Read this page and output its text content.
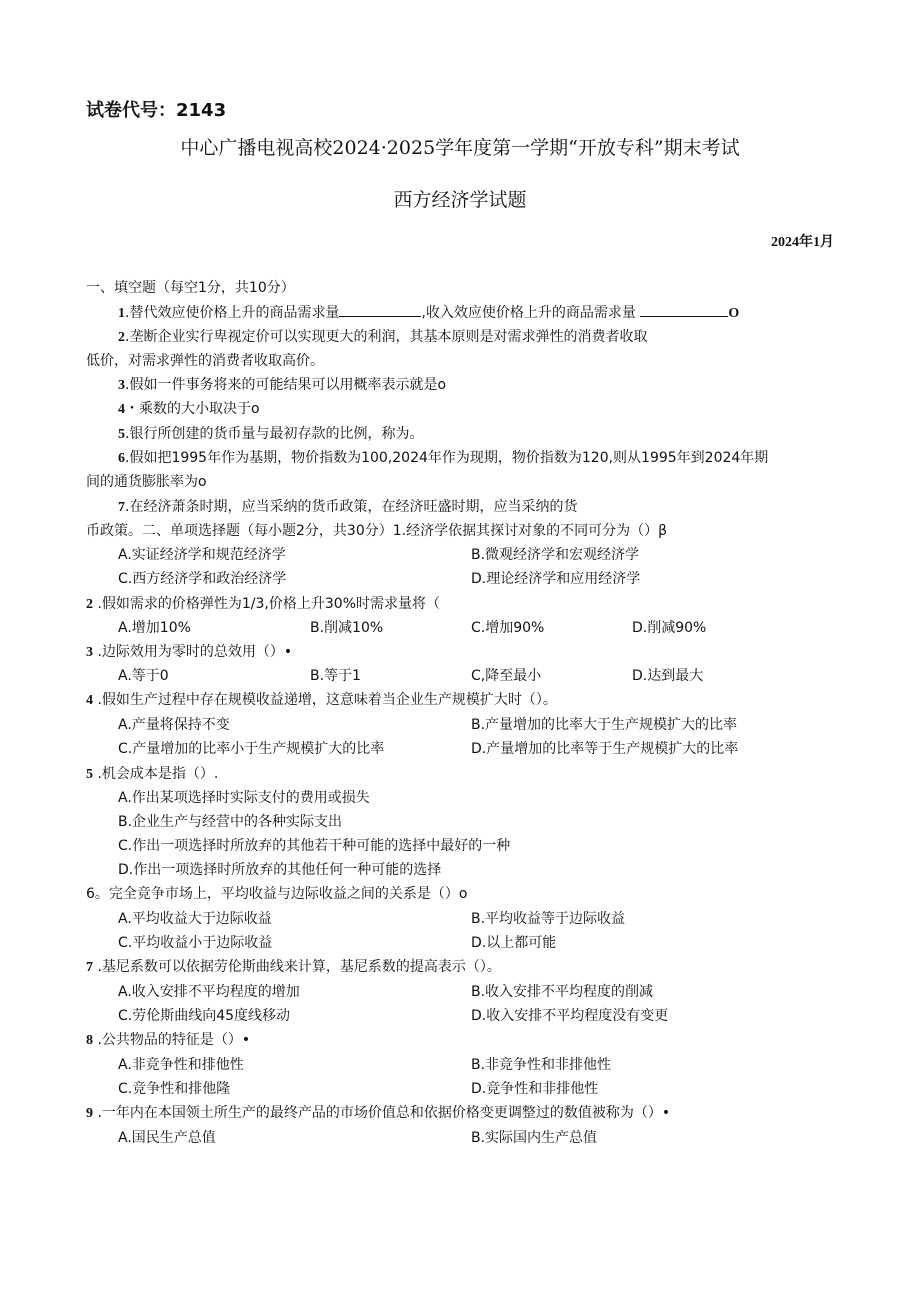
试卷代号：2143
中心广播电视高校2024·2025学年度第一学期“开放专科”期末考试
西方经济学试题
2024年1月
一、填空题（每空1分，共10分）
1.替代效应使价格上升的商品需求量	,收入效应使价格上升的商品需求量	O
2.垄断企业实行卑视定价可以实现更大的利润，其基本原则是对需求弹性的消费者收取
低价，对需求弹性的消费者收取高价。
3.假如一件事务将来的可能结果可以用概率表示就是o
4・乘数的大小取决于o
5.银行所创建的货币量与最初存款的比例，称为。
6.假如把1995年作为基期，物价指数为100,2024年作为现期，物价指数为120,则从1995年到2024年期
间的通货膨胀率为o
7.在经济萧条时期，应当采纳的货币政策，在经济旺盛时期，应当采纳的货
币政策。二、单项选择题（每小题2分，共30分）1.经济学依据其探讨对象的不同可分为（）β
A.实证经济学和规范经济学	B.微观经济学和宏观经济学
C.西方经济学和政治经济学	D.理论经济学和应用经济学
2 .假如需求的价格弹性为1/3,价格上升30%时需求量将（
A.增加10%	B.削减10%	C.增加90%	D.削减90%
3 .边际效用为零时的总效用（）•
A.等于0	B.等于1	C,降至最小	D.达到最大
4 .假如生产过程中存在规模收益递增，这意味着当企业生产规模扩大时（）。
A.产量将保持不变	B.产量增加的比率大于生产规模扩大的比率
C.产量增加的比率小于生产规模扩大的比率	D.产量增加的比率等于生产规模扩大的比率
5 .机会成本是指（）.
A.作出某项选择时实际支付的费用或损失
B.企业生产与经营中的各种实际支出
C.作出一项选择时所放弃的其他若干种可能的选择中最好的一种
D.作出一项选择时所放弃的其他任何一种可能的选择
6。完全竞争市场上，平均收益与边际收益之间的关系是（）o
A.平均收益大于边际收益	B.平均收益等于边际收益
C.平均收益小于边际收益	D.以上都可能
7 .基尼系数可以依据劳伦斯曲线来计算，基尼系数的提高表示（）。
A.收入安排不平均程度的增加	B.收入安排不平均程度的削减
C.劳伦斯曲线向45度线移动	D.收入安排不平均程度没有变更
8 .公共物品的特征是（）•
A.非竞争性和排他性	B.非竞争性和非排他性
C.竞争性和排他隆	D.竞争性和非排他性
9 .一年内在本国领土所生产的最终产品的市场价值总和依据价格变更调整过的数值被称为（）•
A.国民生产总值	B.实际国内生产总值
